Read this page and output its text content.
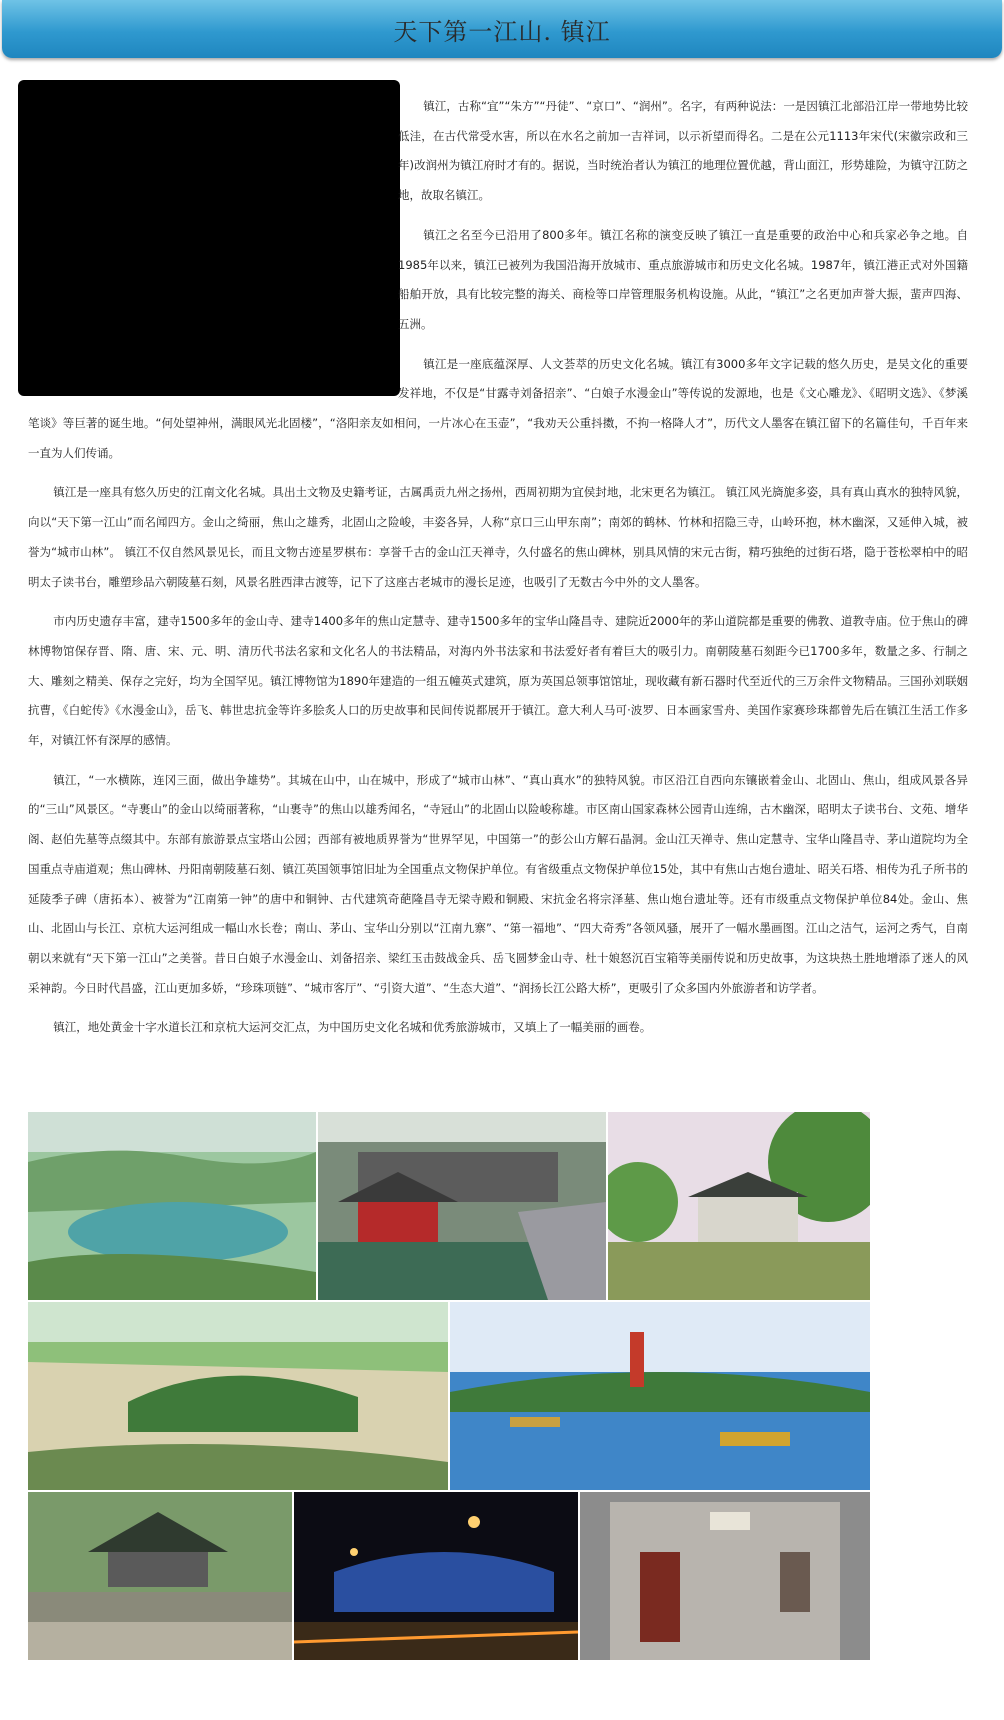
天下第一江山. 镇江

镇江，古称“宜”“朱方”“丹徒”、“京口”、“润州”。名字，有两种说法：一是因镇江北部沿江岸一带地势比较低洼，在古代常受水害，所以在水名之前加一吉祥词，以示祈望而得名。二是在公元1113年宋代(宋徽宗政和三年)改润州为镇江府时才有的。据说，当时统治者认为镇江的地理位置优越，背山面江，形势雄险，为镇守江防之地，故取名镇江。

镇江之名至今已沿用了800多年。镇江名称的演变反映了镇江一直是重要的政治中心和兵家必争之地。自1985年以来，镇江已被列为我国沿海开放城市、重点旅游城市和历史文化名城。1987年，镇江港正式对外国籍船舶开放，具有比较完整的海关、商检等口岸管理服务机构设施。从此，“镇江”之名更加声誉大振，蜚声四海、五洲。

镇江是一座底蕴深厚、人文荟萃的历史文化名城。镇江有3000多年文字记载的悠久历史，是吴文化的重要发祥地，不仅是“甘露寺刘备招亲”、“白娘子水漫金山”等传说的发源地，也是《文心雕龙》、《昭明文选》、《梦溪笔谈》等巨著的诞生地。“何处望神州，满眼风光北固楼”，“洛阳亲友如相问，一片冰心在玉壶”，“我劝天公重抖擞，不拘一格降人才”，历代文人墨客在镇江留下的名篇佳句，千百年来一直为人们传诵。

镇江是一座具有悠久历史的江南文化名城。具出土文物及史籍考证，古属禹贡九州之扬州，西周初期为宜侯封地，北宋更名为镇江。 镇江风光旖旎多姿，具有真山真水的独特风貌，向以“天下第一江山”而名闻四方。金山之绮丽，焦山之雄秀，北固山之险峻，丰姿各异，人称“京口三山甲东南”；南郊的鹤林、竹林和招隐三寺，山岭环抱，林木幽深，又延伸入城，被誉为“城市山林”。 镇江不仅自然风景见长，而且文物古迹星罗棋布：享誉千古的金山江天禅寺，久付盛名的焦山碑林，别具风情的宋元古街，精巧独绝的过街石塔，隐于苍松翠柏中的昭明太子读书台，雕塑珍品六朝陵墓石刻，风景名胜西津古渡等，记下了这座古老城市的漫长足迹，也吸引了无数古今中外的文人墨客。

市内历史遗存丰富，建寺1500多年的金山寺、建寺1400多年的焦山定慧寺、建寺1500多年的宝华山隆昌寺、建院近2000年的茅山道院都是重要的佛教、道教寺庙。位于焦山的碑林博物馆保存晋、隋、唐、宋、元、明、清历代书法名家和文化名人的书法精品，对海内外书法家和书法爱好者有着巨大的吸引力。南朝陵墓石刻距今已1700多年，数量之多、行制之大、雕刻之精美、保存之完好，均为全国罕见。镇江博物馆为1890年建造的一组五幢英式建筑，原为英国总领事馆馆址，现收藏有新石器时代至近代的三万余件文物精品。三国孙刘联姻抗曹，《白蛇传》《水漫金山》，岳飞、韩世忠抗金等许多脍炙人口的历史故事和民间传说都展开于镇江。意大利人马可·波罗、日本画家雪舟、美国作家赛珍珠都曾先后在镇江生活工作多年，对镇江怀有深厚的感情。

镇江，“一水横陈，连冈三面，做出争雄势”。其城在山中，山在城中，形成了“城市山林”、“真山真水”的独特风貌。市区沿江自西向东镶嵌着金山、北固山、焦山，组成风景各异的“三山”风景区。“寺裹山”的金山以绮丽著称，“山裹寺”的焦山以雄秀闻名，“寺冠山”的北固山以险峻称雄。市区南山国家森林公园青山连绵，古木幽深，昭明太子读书台、文苑、增华阁、赵伯先墓等点缀其中。东部有旅游景点宝塔山公园；西部有被地质界誉为“世界罕见，中国第一”的彭公山方解石晶洞。金山江天禅寺、焦山定慧寺、宝华山隆昌寺、茅山道院均为全国重点寺庙道观；焦山碑林、丹阳南朝陵墓石刻、镇江英国领事馆旧址为全国重点文物保护单位。有省级重点文物保护单位15处，其中有焦山古炮台遗址、昭关石塔、相传为孔子所书的延陵季子碑（唐拓本）、被誉为“江南第一钟”的唐中和铜钟、古代建筑奇葩隆昌寺无梁寺殿和铜殿、宋抗金名将宗泽墓、焦山炮台遗址等。还有市级重点文物保护单位84处。金山、焦山、北固山与长江、京杭大运河组成一幅山水长卷；南山、茅山、宝华山分别以“江南九寨”、“第一福地”、“四大奇秀”各领风骚，展开了一幅水墨画图。江山之洁气，运河之秀气，自南朝以来就有“天下第一江山”之美誉。昔日白娘子水漫金山、刘备招亲、梁红玉击鼓战金兵、岳飞圆梦金山寺、杜十娘怒沉百宝箱等美丽传说和历史故事，为这块热土胜地增添了迷人的风采神韵。今日时代昌盛，江山更加多娇，“珍珠项链”、“城市客厅”、“引资大道”、“生态大道”、“润扬长江公路大桥”，更吸引了众多国内外旅游者和访学者。

镇江，地处黄金十字水道长江和京杭大运河交汇点，为中国历史文化名城和优秀旅游城市，又填上了一幅美丽的画卷。
